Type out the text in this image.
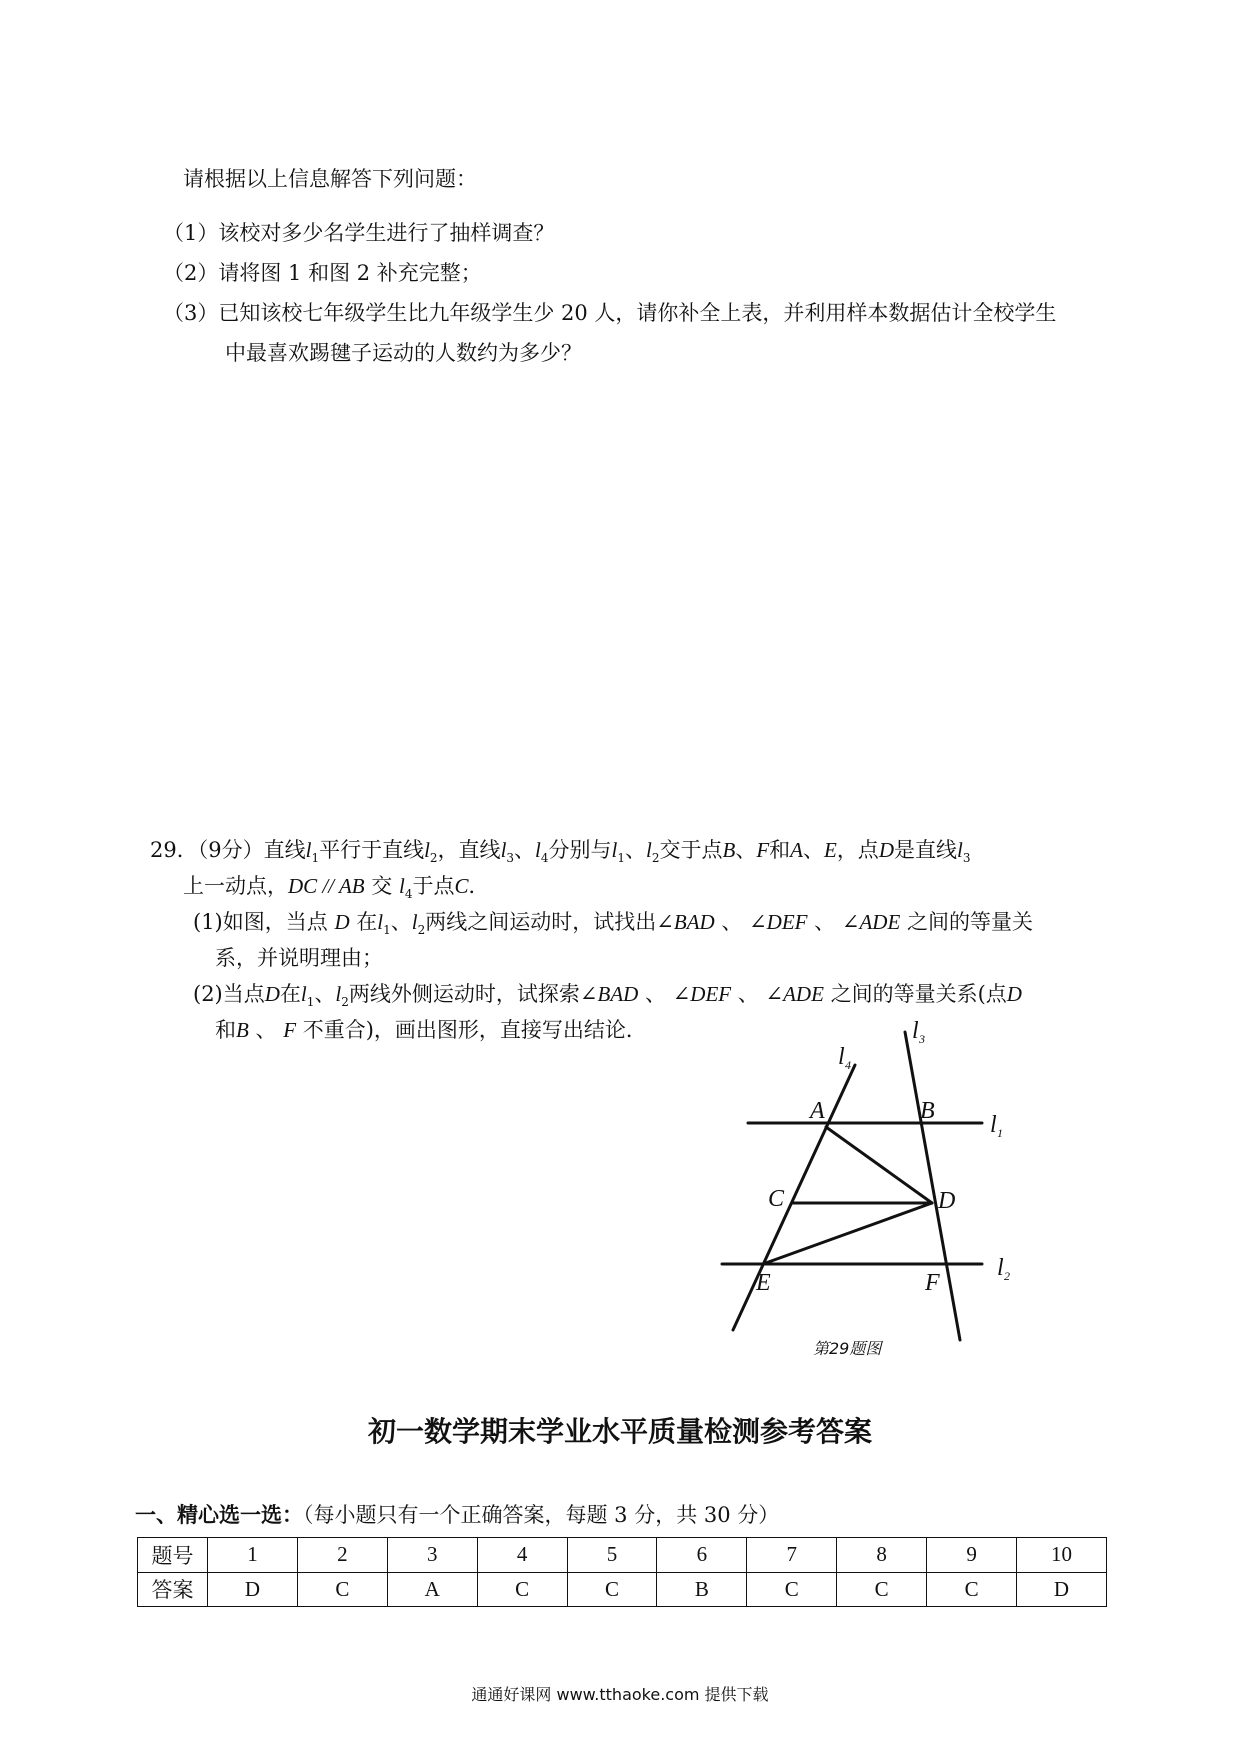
请根据以上信息解答下列问题：
（1）该校对多少名学生进行了抽样调查？
（2）请将图 1 和图 2 补充完整；
（3）已知该校七年级学生比九年级学生少 20 人，请你补全上表，并利用样本数据估计全校学生
中最喜欢踢毽子运动的人数约为多少？
29．（9分）直线$l_1$平行于直线$l_2$，直线$l_3$、$l_4$分别与$l_1$、$l_2$交于点B、F和A、E，点D是直线$l_3$
上一动点，DC // AB 交 $l_4$于点C．
(1)如图，当点 D 在$l_1$、$l_2$两线之间运动时，试找出∠BAD 、 ∠DEF 、 ∠ADE 之间的等量关
系，并说明理由；
(2)当点D在$l_1$、$l_2$两线外侧运动时，试探索∠BAD 、 ∠DEF 、 ∠ADE 之间的等量关系(点D
和B 、 F 不重合)，画出图形，直接写出结论．
A	B
C	D
E	F
l 1
l 2
l 3
l 4
第29题图
初一数学期末学业水平质量检测参考答案
一、精心选一选：（每小题只有一个正确答案，每题 3 分，共 30 分）
题号	1	2	3	4	5	6	7	8	9	10
答案	D	C	A	C	C	B	C	C	C	D
通通好课网 www.tthaoke.com 提供下载
